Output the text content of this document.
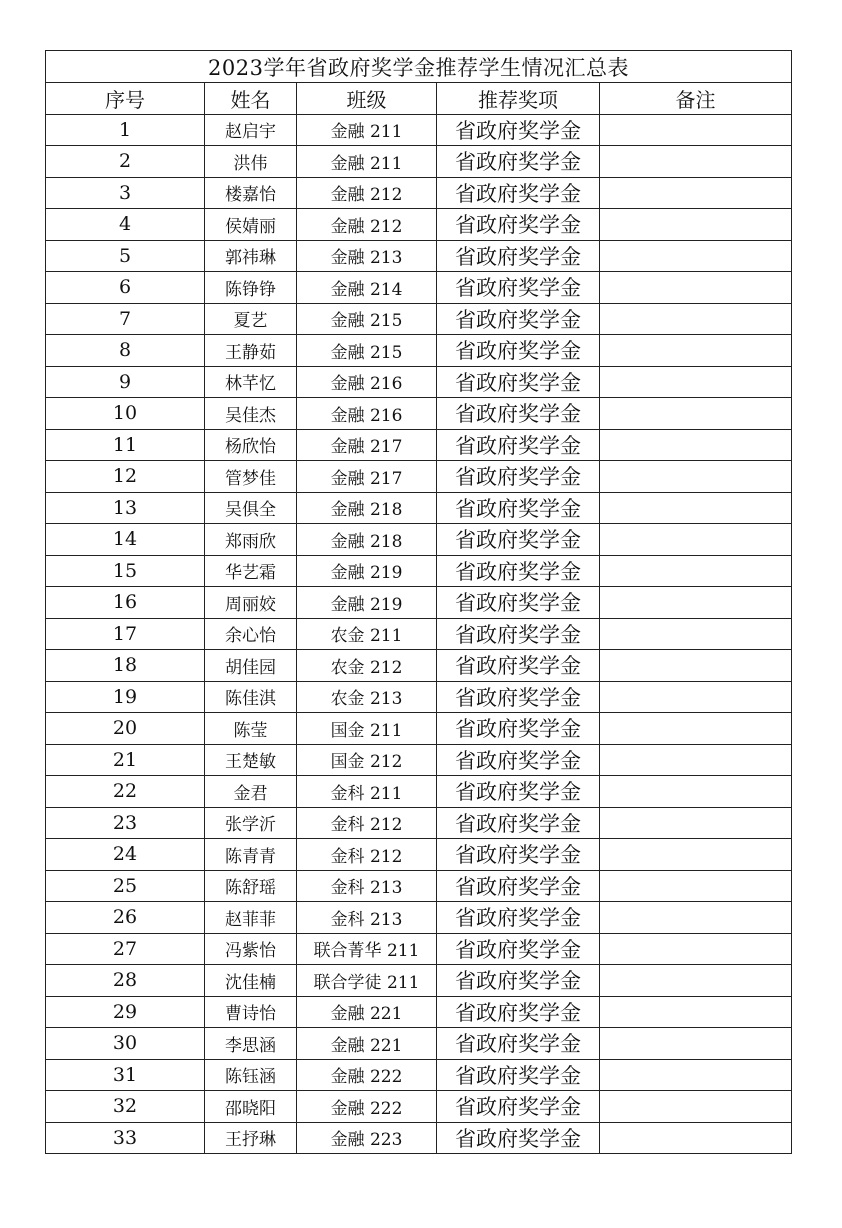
2023学年省政府奖学金推荐学生情况汇总表				
序号	姓名	班级	推荐奖项	备注
1	赵启宇	金融 211	省政府奖学金	
2	洪伟	金融 211	省政府奖学金	
3	楼嘉怡	金融 212	省政府奖学金	
4	侯婧丽	金融 212	省政府奖学金	
5	郭祎琳	金融 213	省政府奖学金	
6	陈铮铮	金融 214	省政府奖学金	
7	夏艺	金融 215	省政府奖学金	
8	王静茹	金融 215	省政府奖学金	
9	林芊忆	金融 216	省政府奖学金	
10	吴佳杰	金融 216	省政府奖学金	
11	杨欣怡	金融 217	省政府奖学金	
12	管梦佳	金融 217	省政府奖学金	
13	吴俱全	金融 218	省政府奖学金	
14	郑雨欣	金融 218	省政府奖学金	
15	华艺霜	金融 219	省政府奖学金	
16	周丽姣	金融 219	省政府奖学金	
17	余心怡	农金 211	省政府奖学金	
18	胡佳园	农金 212	省政府奖学金	
19	陈佳淇	农金 213	省政府奖学金	
20	陈莹	国金 211	省政府奖学金	
21	王楚敏	国金 212	省政府奖学金	
22	金君	金科 211	省政府奖学金	
23	张学沂	金科 212	省政府奖学金	
24	陈青青	金科 212	省政府奖学金	
25	陈舒瑶	金科 213	省政府奖学金	
26	赵菲菲	金科 213	省政府奖学金	
27	冯紫怡	联合菁华 211	省政府奖学金	
28	沈佳楠	联合学徒 211	省政府奖学金	
29	曹诗怡	金融 221	省政府奖学金	
30	李思涵	金融 221	省政府奖学金	
31	陈钰涵	金融 222	省政府奖学金	
32	邵晓阳	金融 222	省政府奖学金	
33	王抒琳	金融 223	省政府奖学金	
